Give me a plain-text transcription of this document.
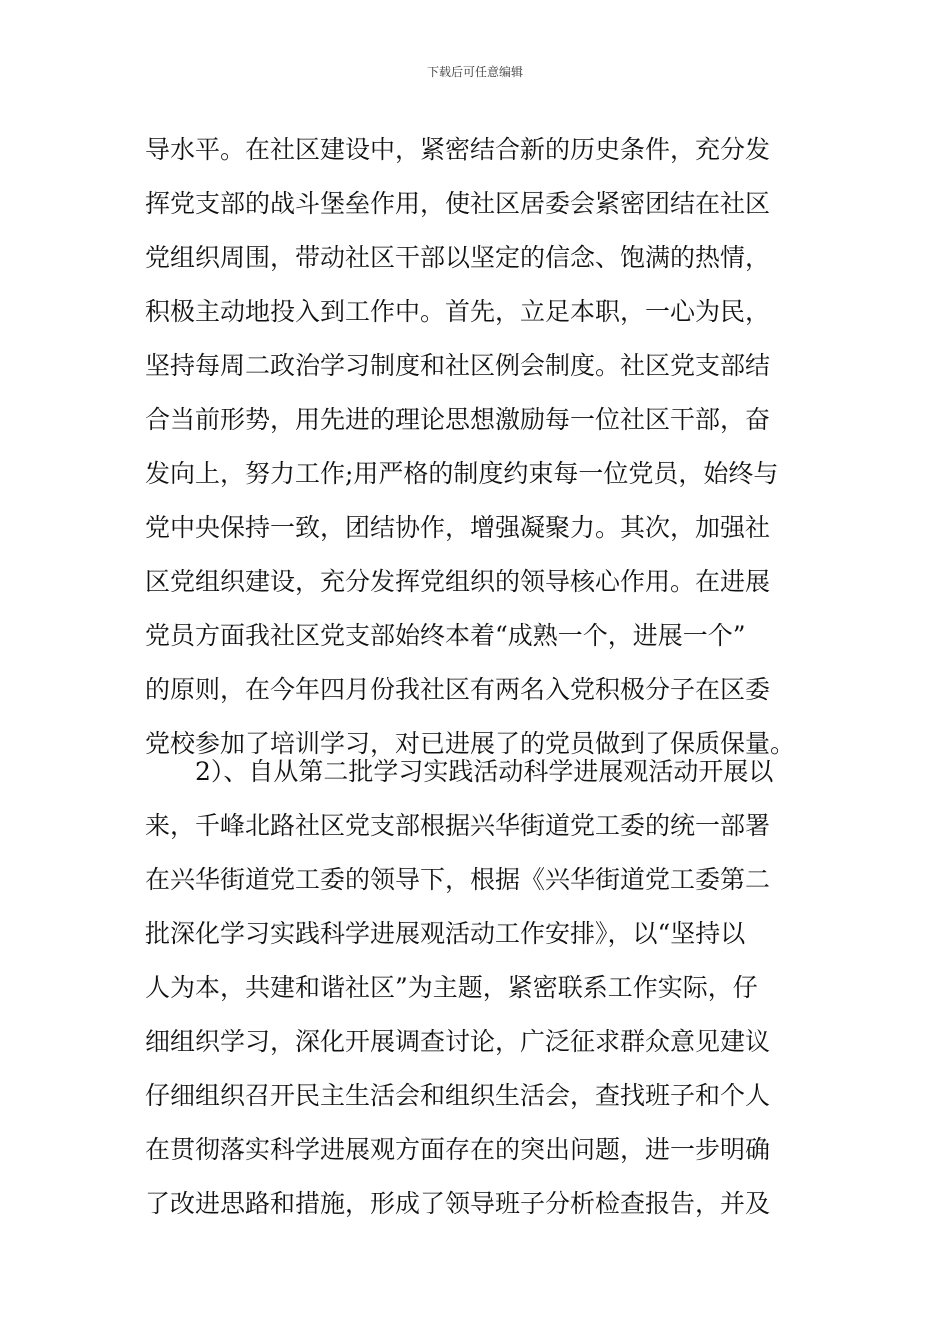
下载后可任意编辑
导水平。在社区建设中，紧密结合新的历史条件，充分发
挥党支部的战斗堡垒作用，使社区居委会紧密团结在社区
党组织周围，带动社区干部以坚定的信念、饱满的热情，
积极主动地投入到工作中。首先，立足本职，一心为民，
坚持每周二政治学习制度和社区例会制度。社区党支部结
合当前形势，用先进的理论思想激励每一位社区干部，奋
发向上，努力工作;用严格的制度约束每一位党员，始终与
党中央保持一致，团结协作，增强凝聚力。其次，加强社
区党组织建设，充分发挥党组织的领导核心作用。在进展
党员方面我社区党支部始终本着“成熟一个，进展一个”
的原则，在今年四月份我社区有两名入党积极分子在区委
党校参加了培训学习，对已进展了的党员做到了保质保量。
2）、自从第二批学习实践活动科学进展观活动开展以
来，千峰北路社区党支部根据兴华街道党工委的统一部署
在兴华街道党工委的领导下，根据《兴华街道党工委第二
批深化学习实践科学进展观活动工作安排》，以“坚持以
人为本，共建和谐社区”为主题，紧密联系工作实际，仔
细组织学习，深化开展调查讨论，广泛征求群众意见建议
仔细组织召开民主生活会和组织生活会，查找班子和个人
在贯彻落实科学进展观方面存在的突出问题，进一步明确
了改进思路和措施，形成了领导班子分析检查报告，并及
